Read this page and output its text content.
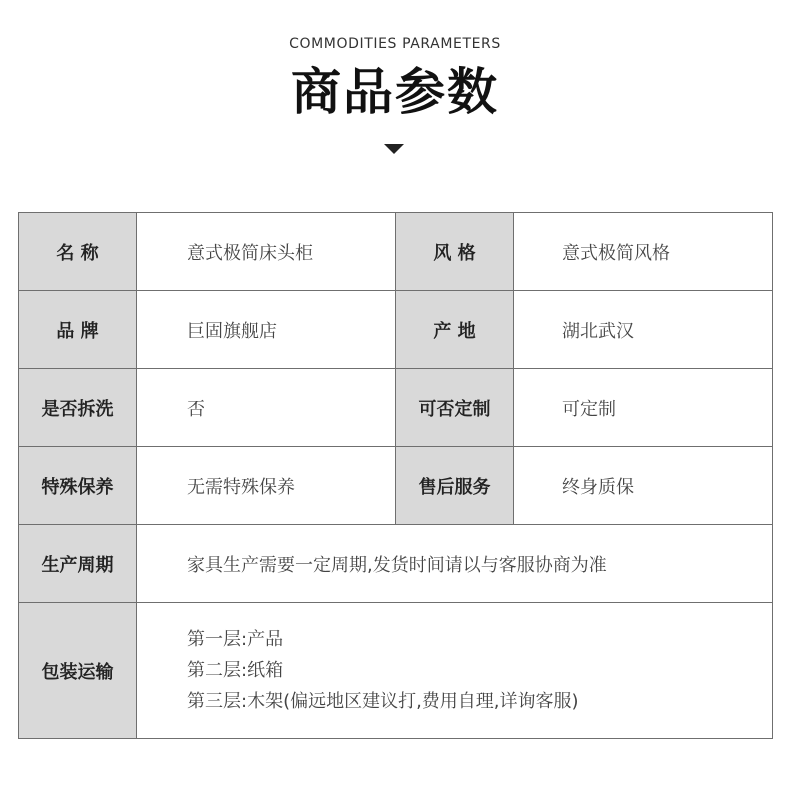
COMMODITIES PARAMETERS
商品参数
名 称	意式极简床头柜	风 格	意式极简风格
品 牌	巨固旗舰店	产 地	湖北武汉
是否拆洗	否	可否定制	可定制
特殊保养	无需特殊保养	售后服务	终身质保
生产周期	家具生产需要一定周期,发货时间请以与客服协商为准		
包装运输	第一层:产品
第二层:纸箱
第三层:木架(偏远地区建议打,费用自理,详询客服)		
